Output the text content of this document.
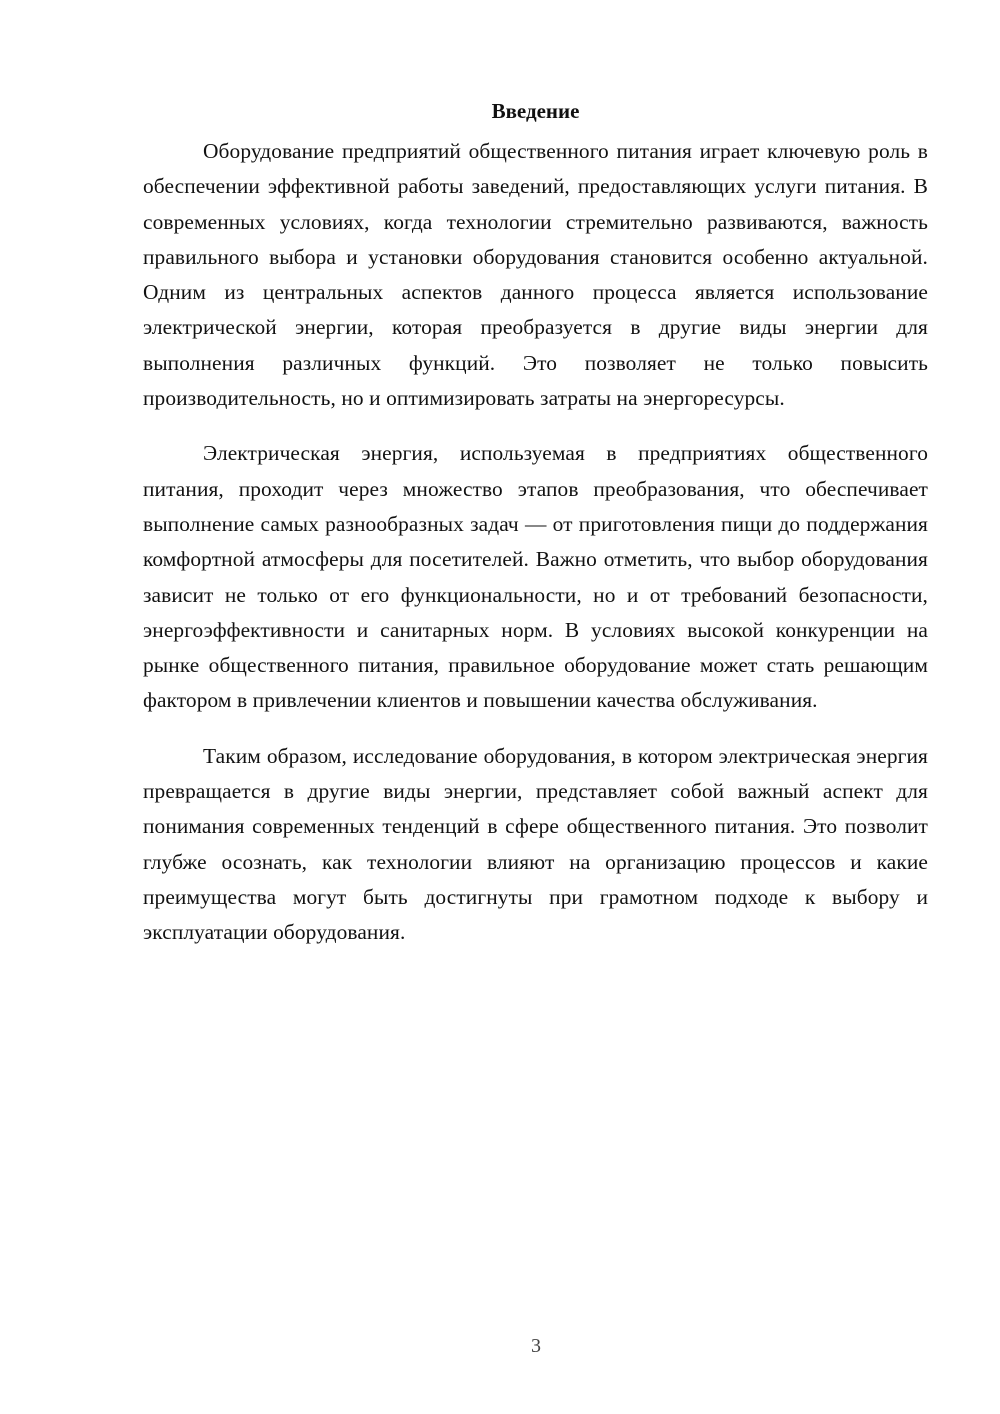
Введение

Оборудование предприятий общественного питания играет ключевую роль в обеспечении эффективной работы заведений, предоставляющих услуги питания. В современных условиях, когда технологии стремительно развиваются, важность правильного выбора и установки оборудования становится особенно актуальной. Одним из центральных аспектов данного процесса является использование электрической энергии, которая преобразуется в другие виды энергии для выполнения различных функций. Это позволяет не только повысить производительность, но и оптимизировать затраты на энергоресурсы.

Электрическая энергия, используемая в предприятиях общественного питания, проходит через множество этапов преобразования, что обеспечивает выполнение самых разнообразных задач — от приготовления пищи до поддержания комфортной атмосферы для посетителей. Важно отметить, что выбор оборудования зависит не только от его функциональности, но и от требований безопасности, энергоэффективности и санитарных норм. В условиях высокой конкуренции на рынке общественного питания, правильное оборудование может стать решающим фактором в привлечении клиентов и повышении качества обслуживания.

Таким образом, исследование оборудования, в котором электрическая энергия превращается в другие виды энергии, представляет собой важный аспект для понимания современных тенденций в сфере общественного питания. Это позволит глубже осознать, как технологии влияют на организацию процессов и какие преимущества могут быть достигнуты при грамотном подходе к выбору и эксплуатации оборудования.

3
